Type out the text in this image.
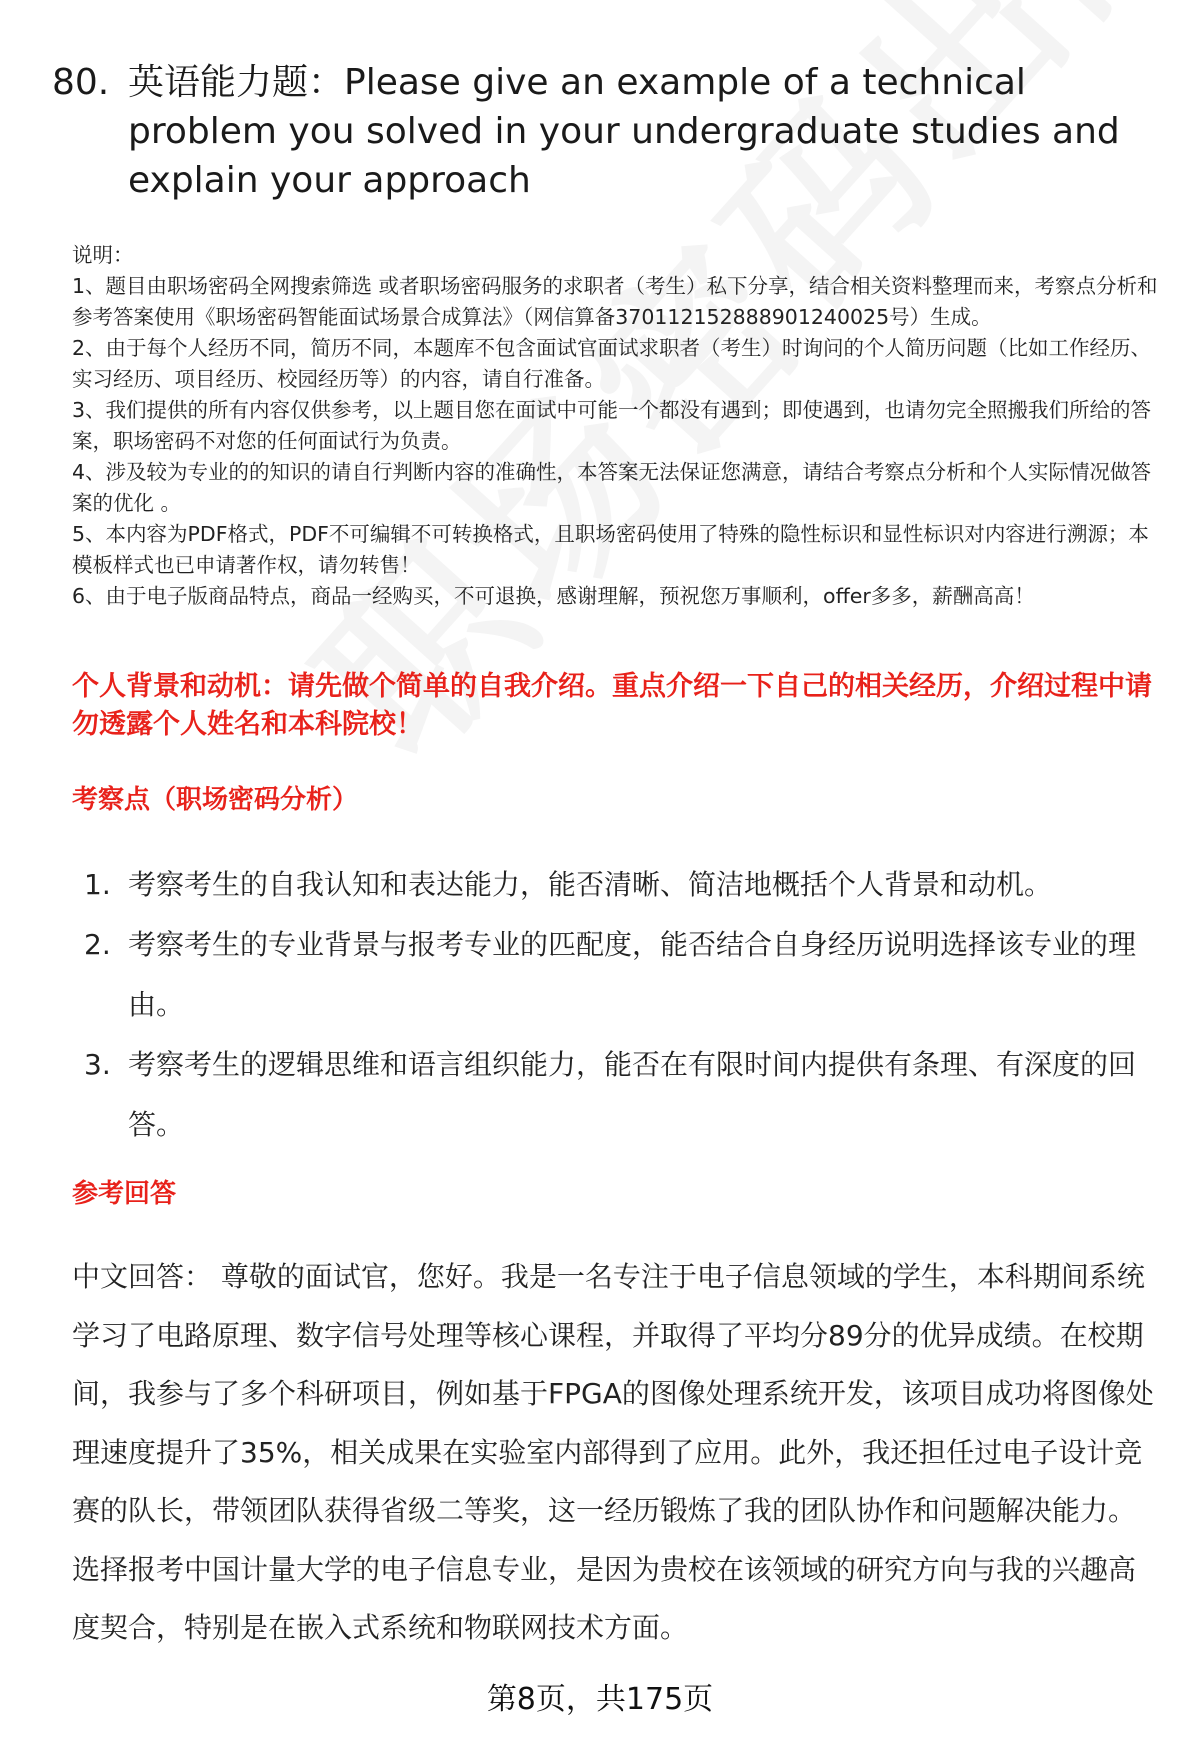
80. 英语能力题：Please give an example of a technical problem you solved in your undergraduate studies and explain your approach

说明：

1、题目由职场密码全网搜索筛选 或者职场密码服务的求职者（考生）私下分享，结合相关资料整理而来，考察点分析和参考答案使用《职场密码智能面试场景合成算法》（网信算备370112152888901240025号）生成。

2、由于每个人经历不同，简历不同，本题库不包含面试官面试求职者（考生）时询问的个人简历问题（比如工作经历、实习经历、项目经历、校园经历等）的内容，请自行准备。

3、我们提供的所有内容仅供参考，以上题目您在面试中可能一个都没有遇到；即使遇到，也请勿完全照搬我们所给的答案，职场密码不对您的任何面试行为负责。

4、涉及较为专业的的知识的请自行判断内容的准确性，本答案无法保证您满意，请结合考察点分析和个人实际情况做答案的优化 。

5、本内容为PDF格式，PDF不可编辑不可转换格式，且职场密码使用了特殊的隐性标识和显性标识对内容进行溯源；本模板样式也已申请著作权，请勿转售！

6、由于电子版商品特点，商品一经购买，不可退换，感谢理解，预祝您万事顺利，offer多多，薪酬高高！

个人背景和动机：请先做个简单的自我介绍。重点介绍一下自己的相关经历，介绍过程中请勿透露个人姓名和本科院校！
考察点（职场密码分析）
1. 考察考生的自我认知和表达能力，能否清晰、简洁地概括个人背景和动机。
2. 考察考生的专业背景与报考专业的匹配度，能否结合自身经历说明选择该专业的理由。
3. 考察考生的逻辑思维和语言组织能力，能否在有限时间内提供有条理、有深度的回答。
参考回答

中文回答： 尊敬的面试官，您好。我是一名专注于电子信息领域的学生，本科期间系统学习了电路原理、数字信号处理等核心课程，并取得了平均分89分的优异成绩。在校期间，我参与了多个科研项目，例如基于FPGA的图像处理系统开发，该项目成功将图像处理速度提升了35%，相关成果在实验室内部得到了应用。此外，我还担任过电子设计竞赛的队长，带领团队获得省级二等奖，这一经历锻炼了我的团队协作和问题解决能力。选择报考中国计量大学的电子信息专业，是因为贵校在该领域的研究方向与我的兴趣高度契合，特别是在嵌入式系统和物联网技术方面。

第8页，共175页
